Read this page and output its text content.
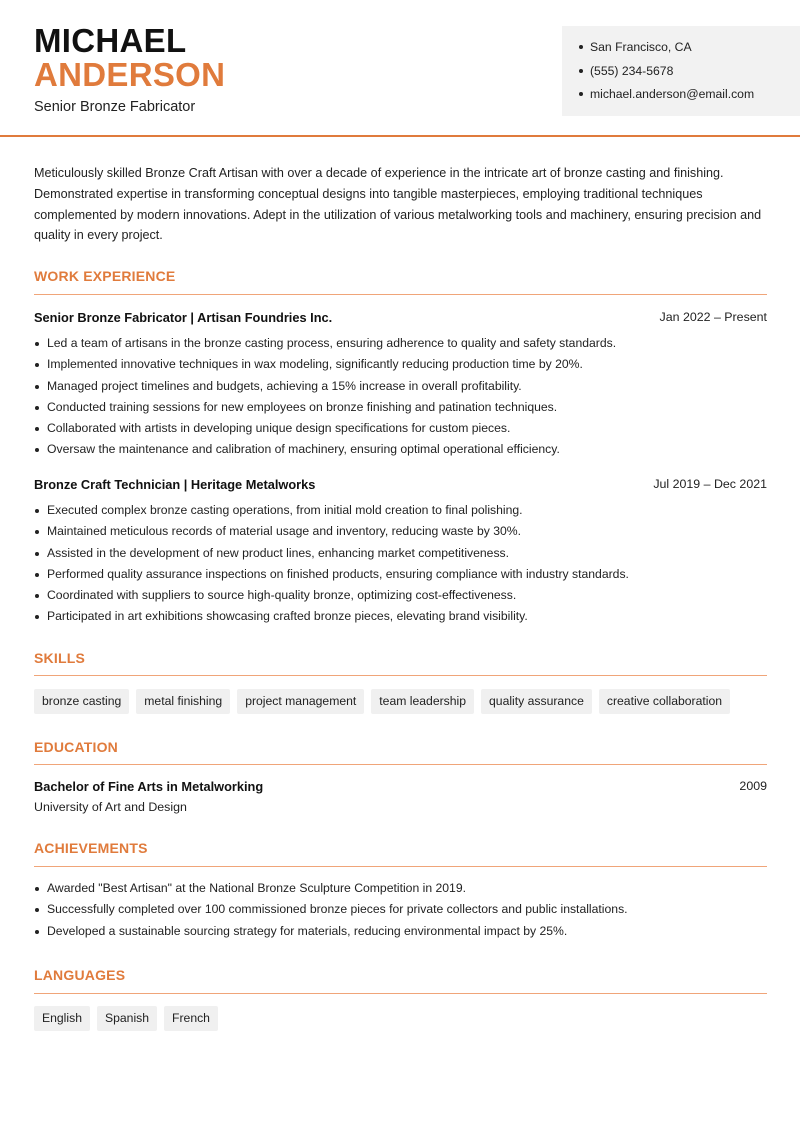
MICHAEL
ANDERSON
Senior Bronze Fabricator
San Francisco, CA
(555) 234-5678
michael.anderson@email.com
Meticulously skilled Bronze Craft Artisan with over a decade of experience in the intricate art of bronze casting and finishing. Demonstrated expertise in transforming conceptual designs into tangible masterpieces, employing traditional techniques complemented by modern innovations. Adept in the utilization of various metalworking tools and machinery, ensuring precision and quality in every project.
WORK EXPERIENCE
Senior Bronze Fabricator | Artisan Foundries Inc.	Jan 2022 – Present
Led a team of artisans in the bronze casting process, ensuring adherence to quality and safety standards.
Implemented innovative techniques in wax modeling, significantly reducing production time by 20%.
Managed project timelines and budgets, achieving a 15% increase in overall profitability.
Conducted training sessions for new employees on bronze finishing and patination techniques.
Collaborated with artists in developing unique design specifications for custom pieces.
Oversaw the maintenance and calibration of machinery, ensuring optimal operational efficiency.
Bronze Craft Technician | Heritage Metalworks	Jul 2019 – Dec 2021
Executed complex bronze casting operations, from initial mold creation to final polishing.
Maintained meticulous records of material usage and inventory, reducing waste by 30%.
Assisted in the development of new product lines, enhancing market competitiveness.
Performed quality assurance inspections on finished products, ensuring compliance with industry standards.
Coordinated with suppliers to source high-quality bronze, optimizing cost-effectiveness.
Participated in art exhibitions showcasing crafted bronze pieces, elevating brand visibility.
SKILLS
bronze casting	metal finishing	project management	team leadership	quality assurance	creative collaboration
EDUCATION
Bachelor of Fine Arts in Metalworking	2009
University of Art and Design
ACHIEVEMENTS
Awarded "Best Artisan" at the National Bronze Sculpture Competition in 2019.
Successfully completed over 100 commissioned bronze pieces for private collectors and public installations.
Developed a sustainable sourcing strategy for materials, reducing environmental impact by 25%.
LANGUAGES
English	Spanish	French
